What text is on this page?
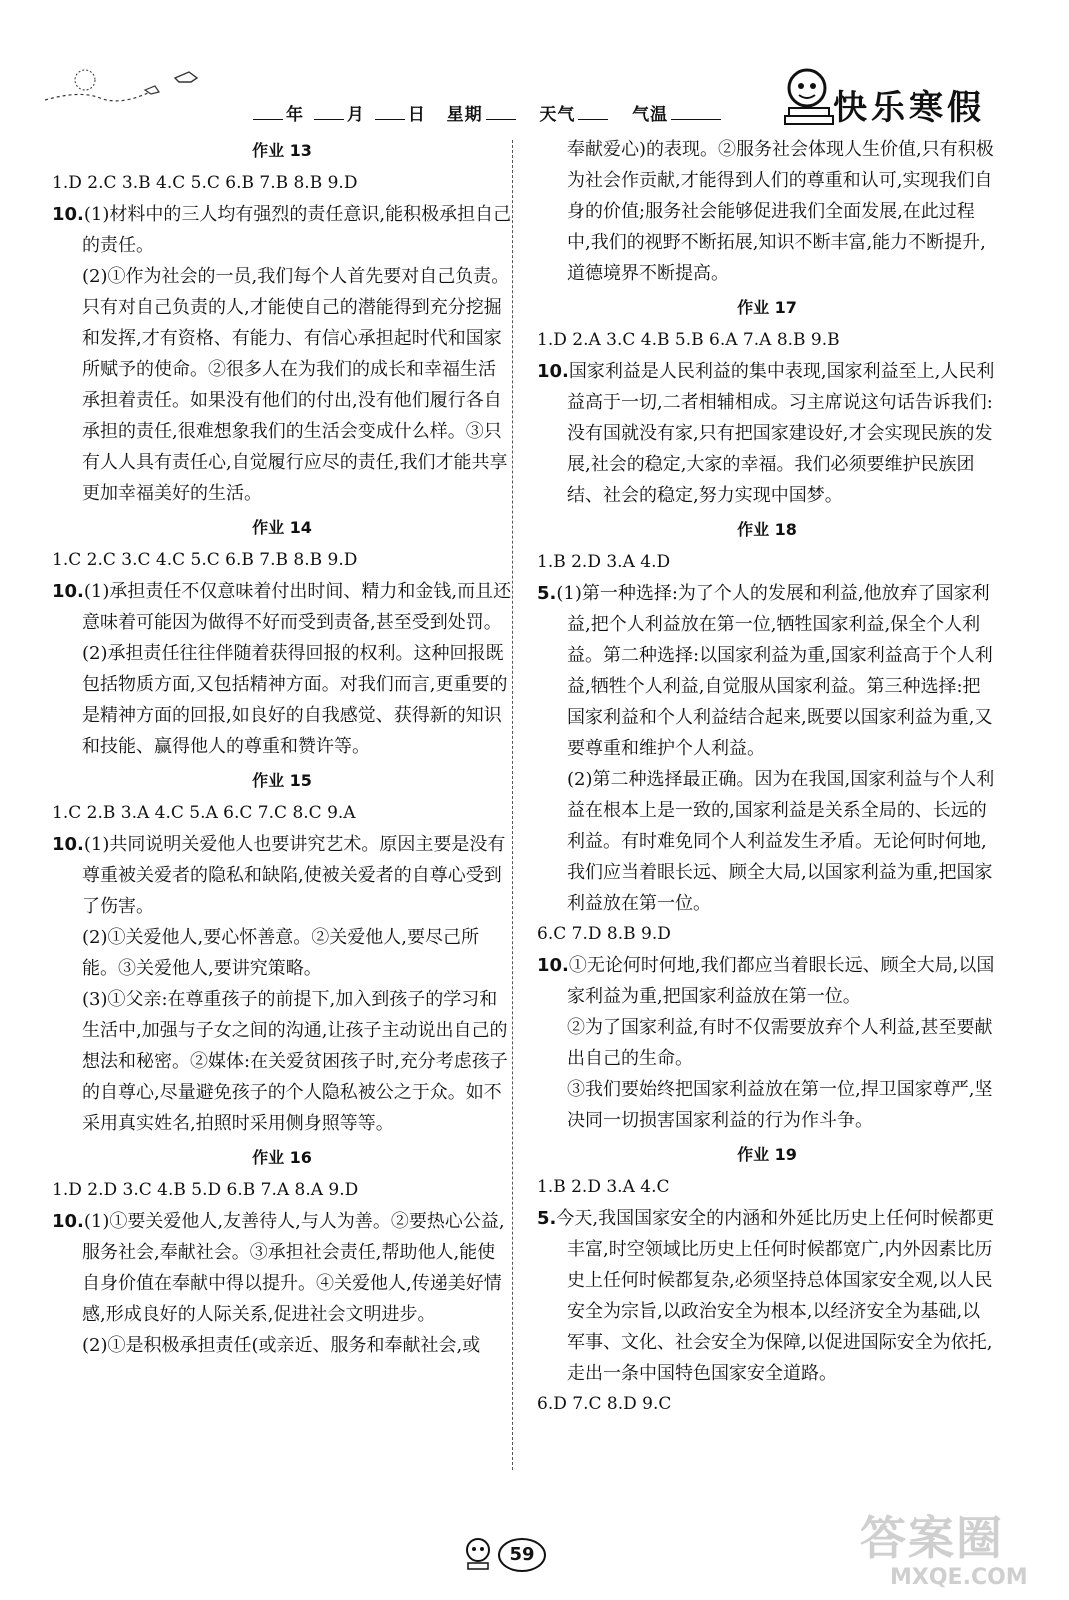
年	月	日 星期	天气	气温	快乐寒假
作业 13
1.D 2.C 3.B 4.C 5.C 6.B 7.B 8.B 9.D

10.(1)材料中的三人均有强烈的责任意识,能积极承担自己的责任。

(2)①作为社会的一员,我们每个人首先要对自己负责。只有对自己负责的人,才能使自己的潜能得到充分挖掘和发挥,才有资格、有能力、有信心承担起时代和国家所赋予的使命。②很多人在为我们的成长和幸福生活承担着责任。如果没有他们的付出,没有他们履行各自承担的责任,很难想象我们的生活会变成什么样。③只有人人具有责任心,自觉履行应尽的责任,我们才能共享更加幸福美好的生活。

作业 14
1.C 2.C 3.C 4.C 5.C 6.B 7.B 8.B 9.D

10.(1)承担责任不仅意味着付出时间、精力和金钱,而且还意味着可能因为做得不好而受到责备,甚至受到处罚。

(2)承担责任往往伴随着获得回报的权利。这种回报既包括物质方面,又包括精神方面。对我们而言,更重要的是精神方面的回报,如良好的自我感觉、获得新的知识和技能、赢得他人的尊重和赞许等。

作业 15
1.C 2.B 3.A 4.C 5.A 6.C 7.C 8.C 9.A

10.(1)共同说明关爱他人也要讲究艺术。原因主要是没有尊重被关爱者的隐私和缺陷,使被关爱者的自尊心受到了伤害。

(2)①关爱他人,要心怀善意。②关爱他人,要尽己所能。③关爱他人,要讲究策略。

(3)①父亲:在尊重孩子的前提下,加入到孩子的学习和生活中,加强与子女之间的沟通,让孩子主动说出自己的想法和秘密。②媒体:在关爱贫困孩子时,充分考虑孩子的自尊心,尽量避免孩子的个人隐私被公之于众。如不采用真实姓名,拍照时采用侧身照等等。

作业 16
1.D 2.D 3.C 4.B 5.D 6.B 7.A 8.A 9.D

10.(1)①要关爱他人,友善待人,与人为善。②要热心公益,服务社会,奉献社会。③承担社会责任,帮助他人,能使自身价值在奉献中得以提升。④关爱他人,传递美好情感,形成良好的人际关系,促进社会文明进步。

(2)①是积极承担责任(或亲近、服务和奉献社会,或

奉献爱心)的表现。②服务社会体现人生价值,只有积极为社会作贡献,才能得到人们的尊重和认可,实现我们自身的价值;服务社会能够促进我们全面发展,在此过程中,我们的视野不断拓展,知识不断丰富,能力不断提升,道德境界不断提高。

作业 17
1.D 2.A 3.C 4.B 5.B 6.A 7.A 8.B 9.B

10.国家利益是人民利益的集中表现,国家利益至上,人民利益高于一切,二者相辅相成。习主席说这句话告诉我们:没有国就没有家,只有把国家建设好,才会实现民族的发展,社会的稳定,大家的幸福。我们必须要维护民族团结、社会的稳定,努力实现中国梦。

作业 18
1.B 2.D 3.A 4.D

5.(1)第一种选择:为了个人的发展和利益,他放弃了国家利益,把个人利益放在第一位,牺牲国家利益,保全个人利益。第二种选择:以国家利益为重,国家利益高于个人利益,牺牲个人利益,自觉服从国家利益。第三种选择:把国家利益和个人利益结合起来,既要以国家利益为重,又要尊重和维护个人利益。

(2)第二种选择最正确。因为在我国,国家利益与个人利益在根本上是一致的,国家利益是关系全局的、长远的利益。有时难免同个人利益发生矛盾。无论何时何地,我们应当着眼长远、顾全大局,以国家利益为重,把国家利益放在第一位。

6.C 7.D 8.B 9.D

10.①无论何时何地,我们都应当着眼长远、顾全大局,以国家利益为重,把国家利益放在第一位。

②为了国家利益,有时不仅需要放弃个人利益,甚至要献出自己的生命。

③我们要始终把国家利益放在第一位,捍卫国家尊严,坚决同一切损害国家利益的行为作斗争。

作业 19
1.B 2.D 3.A 4.C

5.今天,我国国家安全的内涵和外延比历史上任何时候都更丰富,时空领域比历史上任何时候都宽广,内外因素比历史上任何时候都复杂,必须坚持总体国家安全观,以人民安全为宗旨,以政治安全为根本,以经济安全为基础,以军事、文化、社会安全为保障,以促进国际安全为依托,走出一条中国特色国家安全道路。

6.D 7.C 8.D 9.C
59	答案圈
MXQE.COM
